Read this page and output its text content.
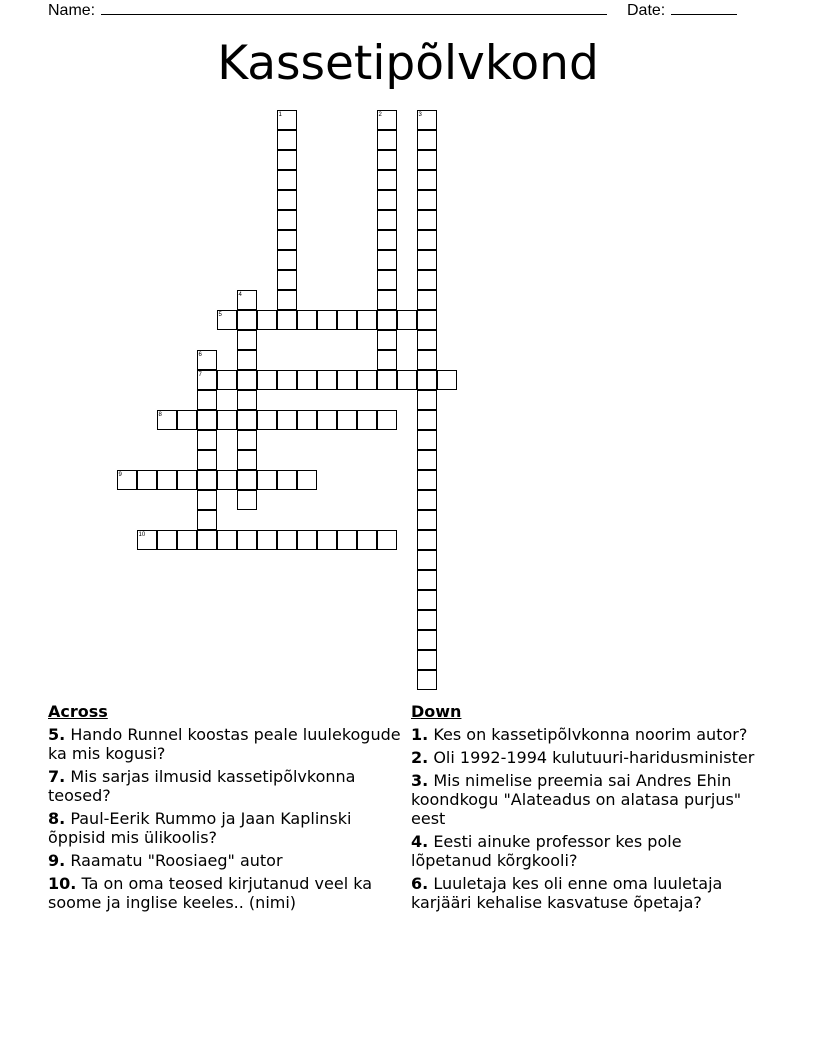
Name:	Date:
Kassetipõlvkond
1	2	3
4
6
7
5
8
9
10
Across
5. Hando Runnel koostas peale luulekogude ka mis kogusi?
7. Mis sarjas ilmusid kassetipõlvkonna teosed?
8. Paul-Eerik Rummo ja Jaan Kaplinski õppisid mis ülikoolis?
9. Raamatu "Roosiaeg" autor
10. Ta on oma teosed kirjutanud veel ka soome ja inglise keeles.. (nimi)
Down
1. Kes on kassetipõlvkonna noorim autor?
2. Oli 1992-1994 kulutuuri-haridusminister
3. Mis nimelise preemia sai Andres Ehin koondkogu "Alateadus on alatasa purjus" eest
4. Eesti ainuke professor kes pole lõpetanud kõrgkooli?
6. Luuletaja kes oli enne oma luuletaja karjääri kehalise kasvatuse õpetaja?
